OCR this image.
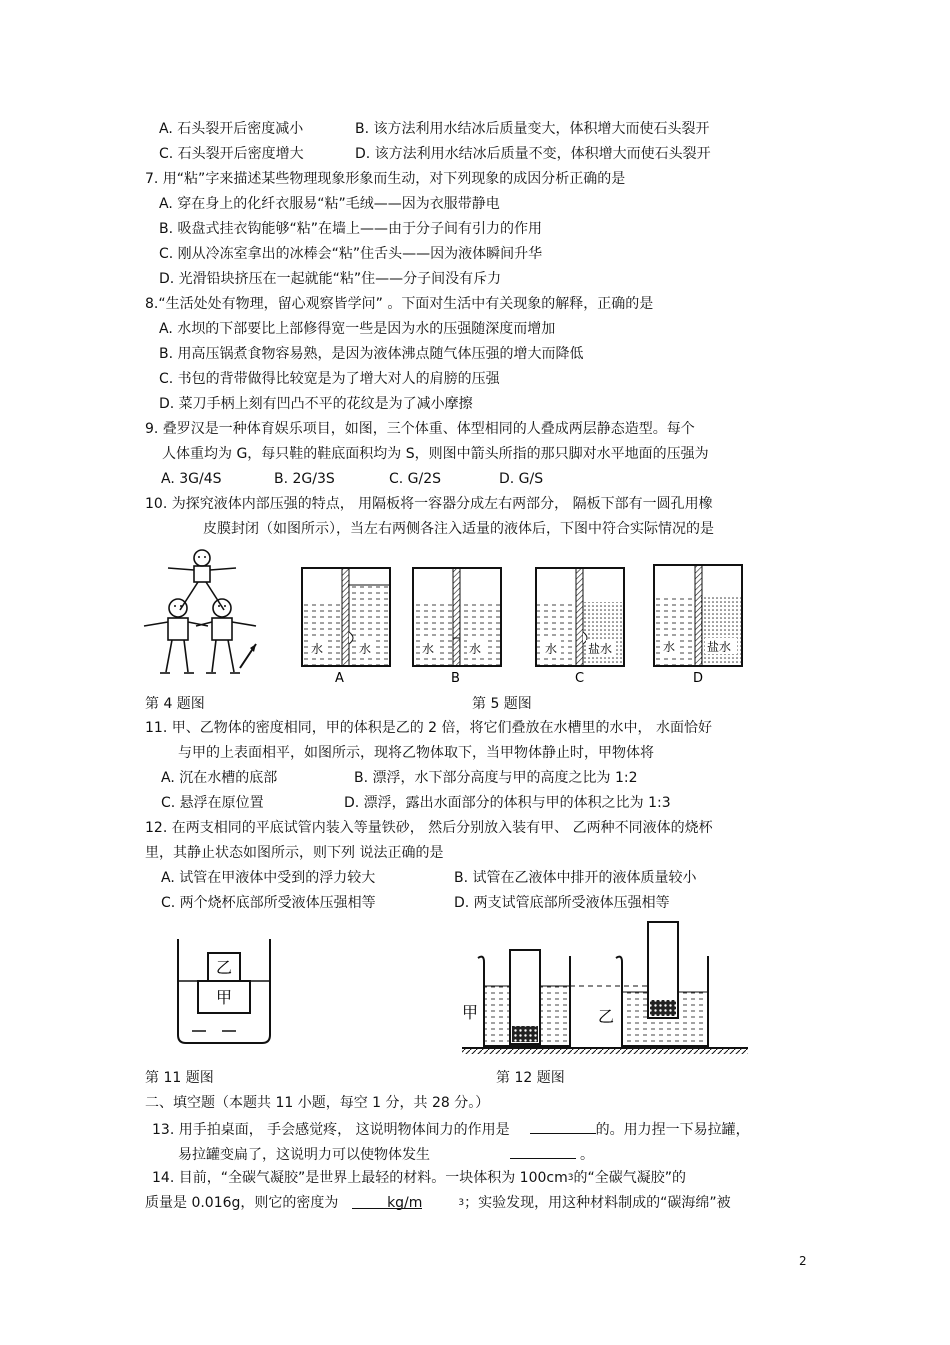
A. 石头裂开后密度减小	B. 该方法利用水结冰后质量变大，体积增大而使石头裂开
C. 石头裂开后密度增大	D. 该方法利用水结冰后质量不变，体积增大而使石头裂开
7. 用“粘”字来描述某些物理现象形象而生动，对下列现象的成因分析正确的是
A. 穿在身上的化纤衣服易“粘”毛绒——因为衣服带静电
B. 吸盘式挂衣钩能够“粘”在墙上——由于分子间有引力的作用
C. 刚从冷冻室拿出的冰棒会“粘”住舌头——因为液体瞬间升华
D. 光滑铅块挤压在一起就能“粘”住——分子间没有斥力
8.“生活处处有物理，留心观察皆学问” 。下面对生活中有关现象的解释，正确的是
A. 水坝的下部要比上部修得宽一些是因为水的压强随深度而增加
B. 用高压锅煮食物容易熟，是因为液体沸点随气体压强的增大而降低
C. 书包的背带做得比较宽是为了增大对人的肩膀的压强
D. 菜刀手柄上刻有凹凸不平的花纹是为了减小摩擦
9. 叠罗汉是一种体育娱乐项目，如图，三个体重、体型相同的人叠成两层静态造型。每个
人体重均为 G，每只鞋的鞋底面积均为 S，则图中箭头所指的那只脚对水平地面的压强为
A. 3G/4S	B. 2G/3S	C. G/2S	D. G/S
10. 为探究液体内部压强的特点， 用隔板将一容器分成左右两部分， 隔板下部有一圆孔用橡
皮膜封闭（如图所示），当左右两侧各注入适量的液体后，下图中符合实际情况的是
水	水	水	水	水	盐水	水	盐水
A	B	C	D
第 4 题图	第 5 题图
11. 甲、乙物体的密度相同，甲的体积是乙的 2 倍，将它们叠放在水槽里的水中， 水面恰好
与甲的上表面相平，如图所示，现将乙物体取下，当甲物体静止时，甲物体将
A. 沉在水槽的底部	B. 漂浮，水下部分高度与甲的高度之比为 1:2
C. 悬浮在原位置	D. 漂浮，露出水面部分的体积与甲的体积之比为 1:3
12. 在两支相同的平底试管内装入等量铁砂， 然后分别放入装有甲、 乙两种不同液体的烧杯
里，其静止状态如图所示，则下列 说法正确的是
A. 试管在甲液体中受到的浮力较大	B. 试管在乙液体中排开的液体质量较小
C. 两个烧杯底部所受液体压强相等	D. 两支试管底部所受液体压强相等
乙
甲
甲	乙
第 11 题图	第 12 题图
二、填空题（本题共 11 小题，每空 1 分，共 28 分。）
13. 用手拍桌面， 手会感觉疼， 这说明物体间力的作用是	的。用力捏一下易拉罐，
易拉罐变扁了，这说明力可以使物体发生	。
14. 目前，“全碳气凝胶”是世界上最轻的材料。一块体积为 $100cm^3$的“全碳气凝胶”的
质量是 0.016g，则它的密度为	kg/m	$^3$；实验发现，用这种材料制成的“碳海绵”被
2
